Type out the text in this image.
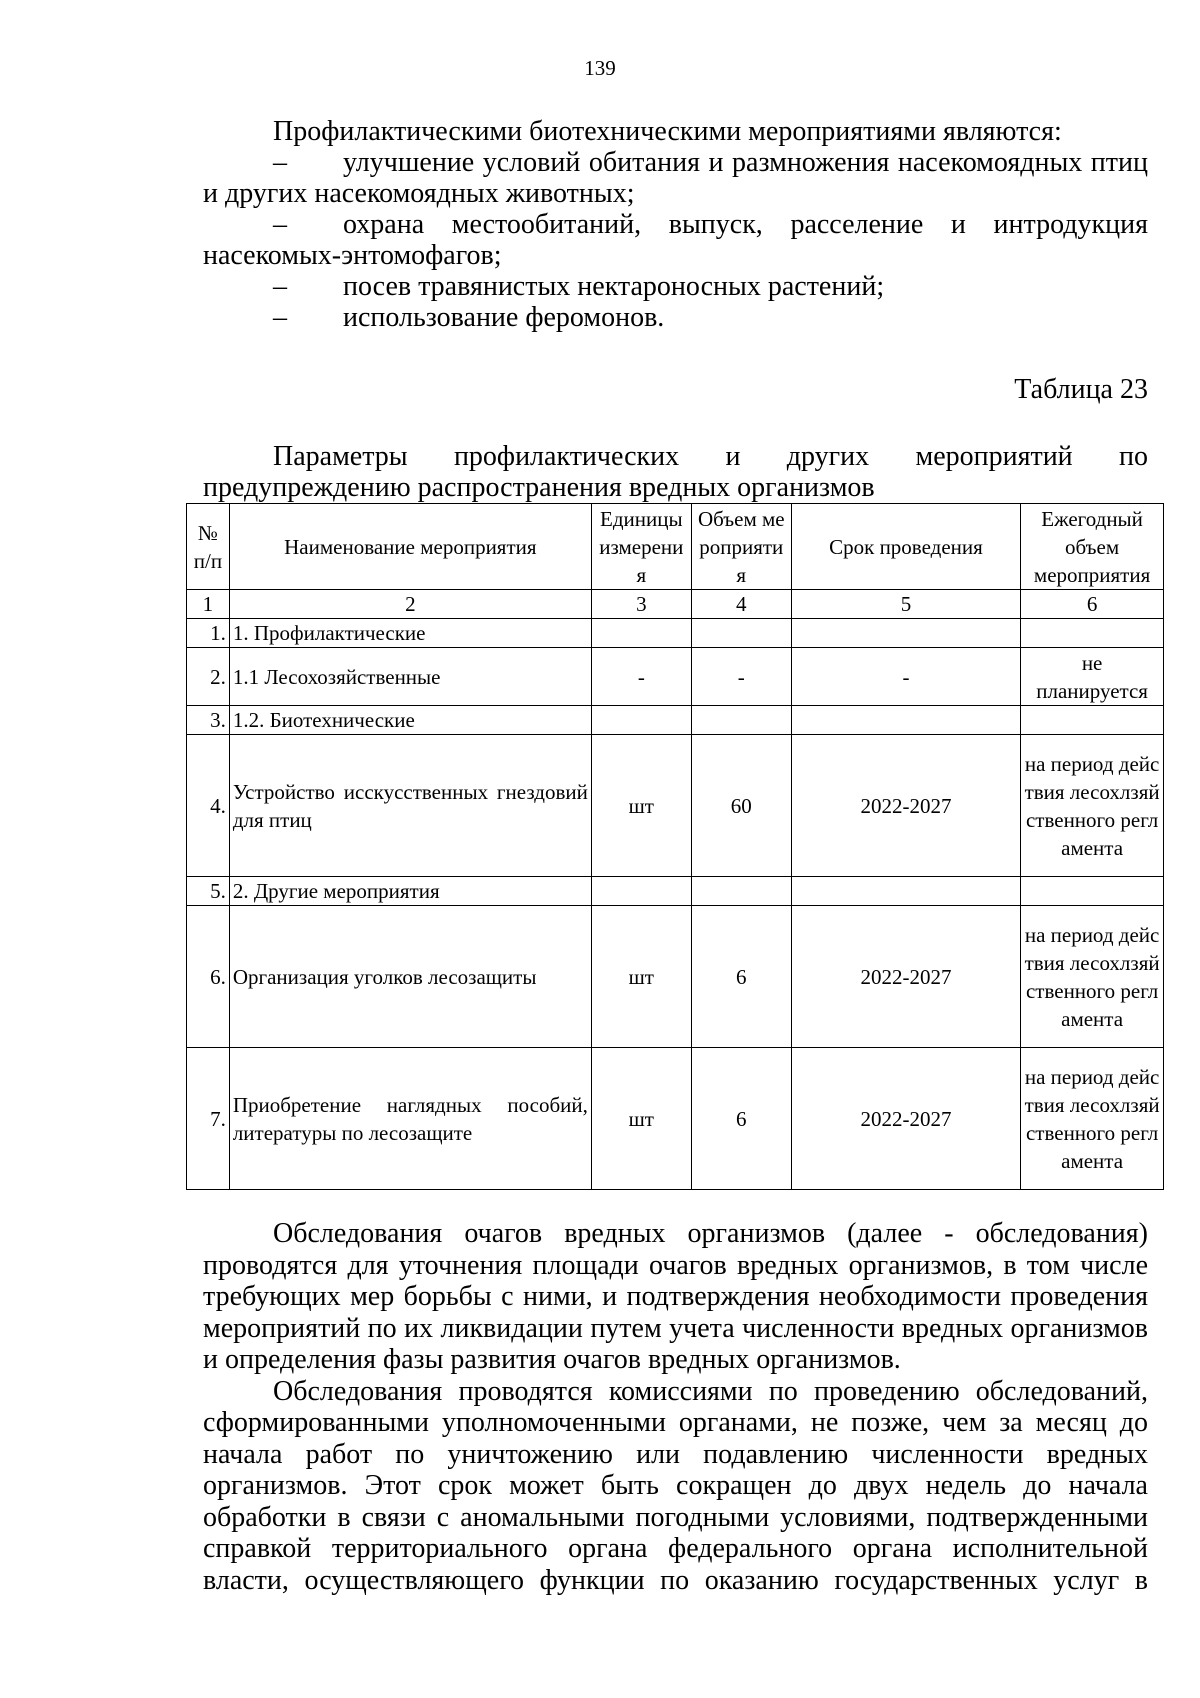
139

Профилактическими биотехническими мероприятиями являются:

– улучшение условий обитания и размножения насекомоядных птиц и других насекомоядных животных;

– охрана местообитаний, выпуск, расселение и интродукция насекомых-энтомофагов;

– посев травянистых нектароносных растений;

– использование феромонов.

Таблица 23
Параметры профилактических и других мероприятий по
предупреждению распространения вредных организмов
№ п/п	Наименование мероприятия	Единицы измерения	Объем мероприятия	Срок проведения	Ежегодный объем мероприятия
1	2	3	4	5	6
1.	1. Профилактические				
2.	1.1 Лесохозяйственные	-	-	-	не планируется
3.	1.2. Биотехнические				
4.	Устройство исскусственных гнездовий для птиц	шт	60	2022-2027	на период действия лесохлзяйственного регламента
5.	2. Другие мероприятия				
6.	Организация уголков лесозащиты	шт	6	2022-2027	на период действия лесохлзяйственного регламента
7.	Приобретение наглядных пособий, литературы по лесозащите	шт	6	2022-2027	на период действия лесохлзяйственного регламента

Обследования очагов вредных организмов (далее - обследования) проводятся для уточнения площади очагов вредных организмов, в том числе требующих мер борьбы с ними, и подтверждения необходимости проведения мероприятий по их ликвидации путем учета численности вредных организмов и определения фазы развития очагов вредных организмов.

Обследования проводятся комиссиями по проведению обследований, сформированными уполномоченными органами, не позже, чем за месяц до начала работ по уничтожению или подавлению численности вредных организмов. Этот срок может быть сокращен до двух недель до начала обработки в связи с аномальными погодными условиями, подтвержденными справкой территориального органа федерального органа исполнительной власти, осуществляющего функции по оказанию государственных услуг в
